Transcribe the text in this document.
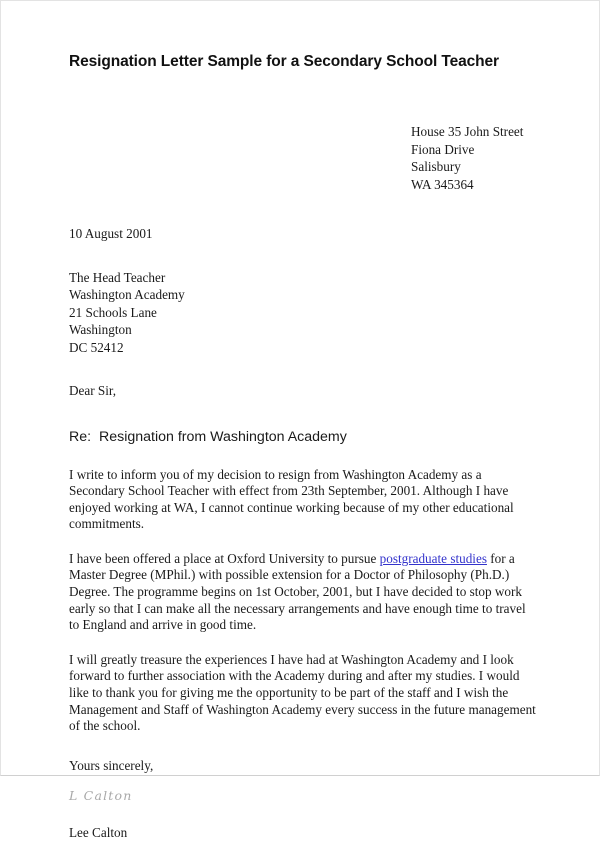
Resignation Letter Sample for a Secondary School Teacher
House 35 John Street
Fiona Drive
Salisbury
WA 345364
10 August 2001
The Head Teacher
Washington Academy
21 Schools Lane
Washington
DC 52412
Dear Sir,
Re:  Resignation from Washington Academy

I write to inform you of my decision to resign from Washington Academy as a Secondary School Teacher with effect from 23th September, 2001. Although I have enjoyed working at WA, I cannot continue working because of my other educational commitments.

I have been offered a place at Oxford University to pursue postgraduate studies for a Master Degree (MPhil.) with possible extension for a Doctor of Philosophy (Ph.D.) Degree. The programme begins on 1st October, 2001, but I have decided to stop work early so that I can make all the necessary arrangements and have enough time to travel to England and arrive in good time.

I will greatly treasure the experiences I have had at Washington Academy and I look forward to further association with the Academy during and after my studies. I would like to thank you for giving me the opportunity to be part of the staff and I wish the Management and Staff of Washington Academy every success in the future management of the school.

Yours sincerely,
L Calton
Lee Calton
